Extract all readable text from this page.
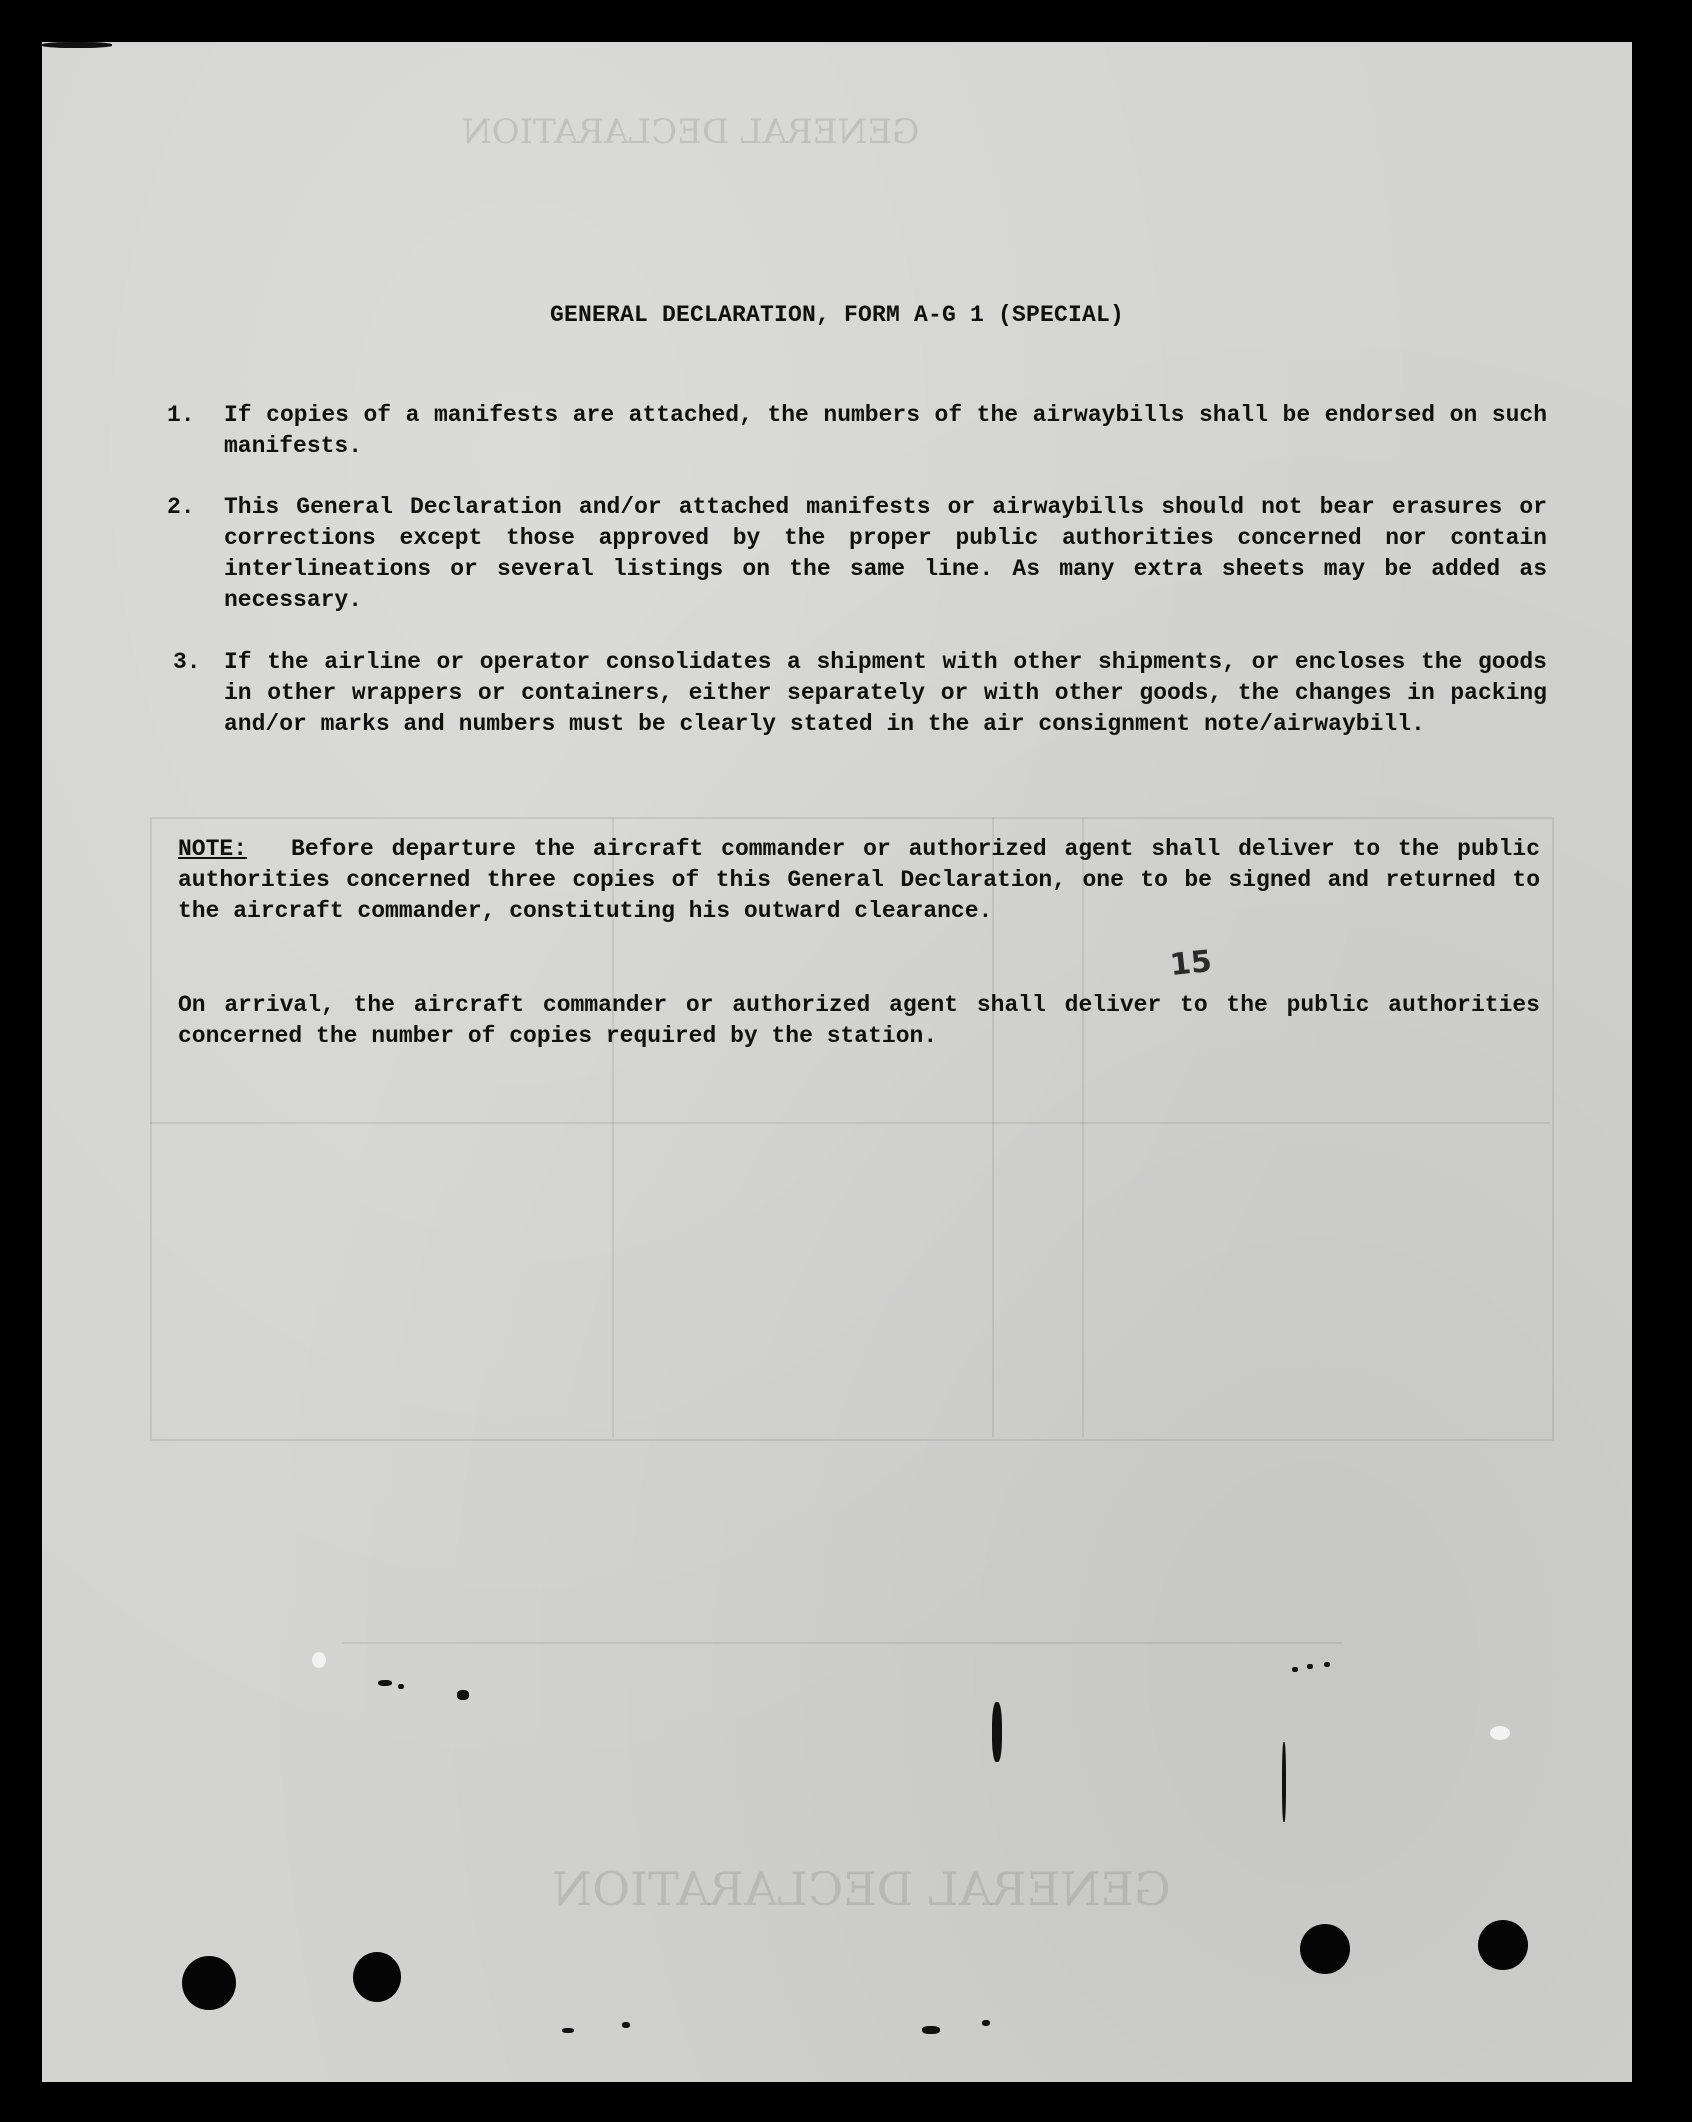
GENERAL DECLARATION
GENERAL DECLARATION
GENERAL DECLARATION, FORM A-G 1 (SPECIAL)
1.	If copies of a manifests are attached, the numbers of the airwaybills shall be endorsed on such manifests.
2.	This General Declaration and/or attached manifests or airwaybills should not bear erasures or corrections except those approved by the proper public authorities concerned nor contain interlineations or several listings on the same line. As many extra sheets may be added as necessary.
3.	If the airline or operator consolidates a shipment with other shipments, or encloses the goods in other wrappers or containers, either separately or with other goods, the changes in packing and/or marks and numbers must be clearly stated in the air consignment note/airwaybill.
NOTE: Before departure the aircraft commander or authorized agent shall deliver to the public authorities concerned three copies of this General Declaration, one to be signed and returned to the aircraft commander, constituting his outward clearance.
On arrival, the aircraft commander or authorized agent shall deliver to the public authorities concerned the number of copies required by the station.
15
